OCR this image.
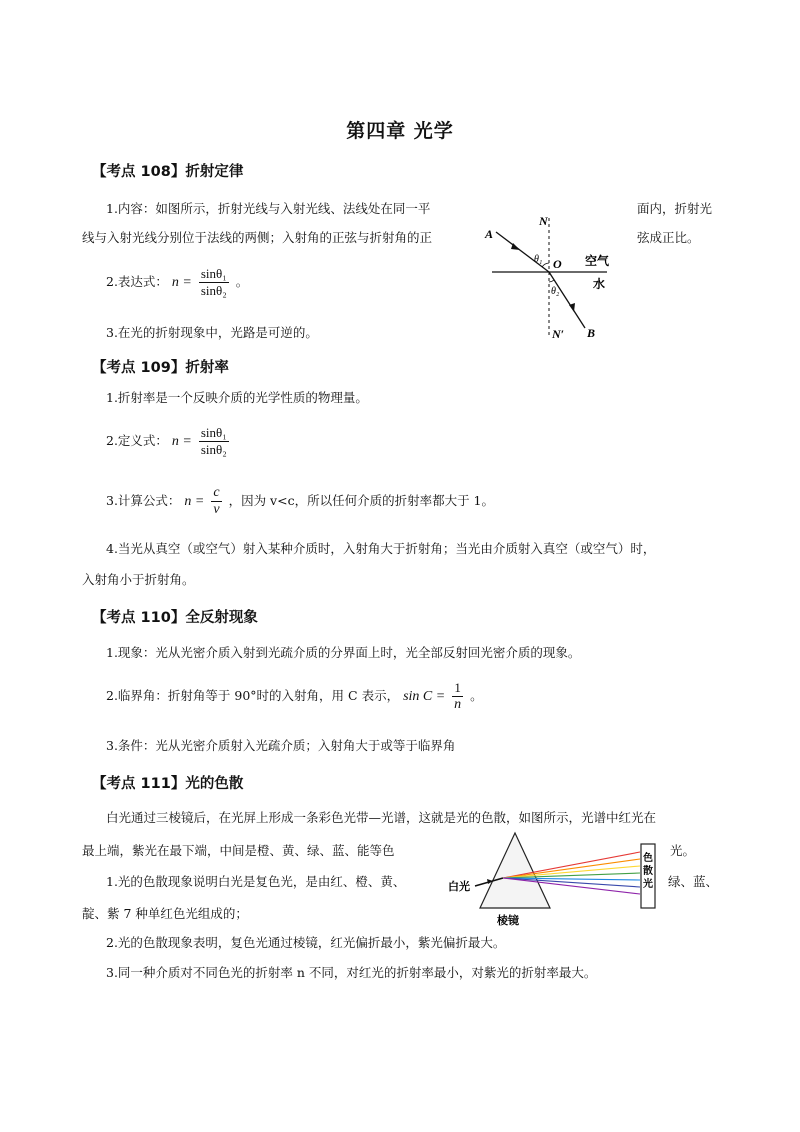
第四章 光学
【考点 108】折射定律
1.内容：如图所示，折射光线与入射光线、法线处在同一平	面内，折射光
线与入射光线分别位于法线的两侧；入射角的正弦与折射角的正	弦成正比。
2.表达式： $n = \frac{\text{sinθ₁}}{\text{sinθ₂}}$ 。
3.在光的折射现象中，光路是可逆的。
N
A
θ₁ O 空气
水
θ₂
N′ B
【考点 109】折射率
1.折射率是一个反映介质的光学性质的物理量。
2.定义式： $n = \frac{\text{sinθ₁}}{\text{sinθ₂}}$
3.计算公式： $n = \frac{c}{v}$ ，因为 v<c，所以任何介质的折射率都大于 1。
4.当光从真空（或空气）射入某种介质时，入射角大于折射角；当光由介质射入真空（或空气）时，
入射角小于折射角。
【考点 110】全反射现象
1.现象：光从光密介质入射到光疏介质的分界面上时，光全部反射回光密介质的现象。
2.临界角：折射角等于 90°时的入射角，用 C 表示， $\sin C = \frac{1}{n}$ 。
3.条件：光从光密介质射入光疏介质；入射角大于或等于临界角
【考点 111】光的色散
白光通过三棱镜后，在光屏上形成一条彩色光带—光谱，这就是光的色散，如图所示，光谱中红光在
最上端，紫光在最下端，中间是橙、黄、绿、蓝、能等色	光。
1.光的色散现象说明白光是复色光，是由红、橙、黄、	绿、蓝、
靛、紫 7 种单红色光组成的；
2.光的色散现象表明，复色光通过棱镜，红光偏折最小，紫光偏折最大。
3.同一种介质对不同色光的折射率 n 不同，对红光的折射率最小，对紫光的折射率最大。
色散光
白光
棱镜
